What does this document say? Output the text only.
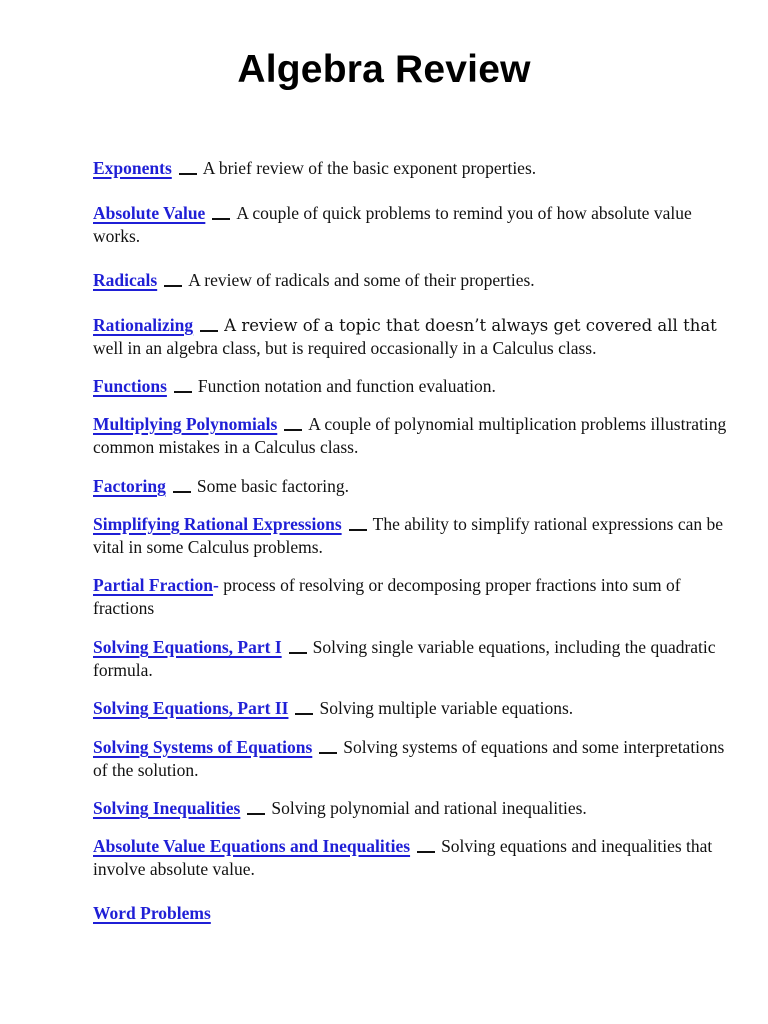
Algebra Review
Exponents A brief review of the basic exponent properties.
Absolute Value A couple of quick problems to remind you of how absolute value works.
Radicals A review of radicals and some of their properties.
Rationalizing A review of a topic that doesn’t always get covered all that
well in an algebra class, but is required occasionally in a Calculus class.
Functions Function notation and function evaluation.
Multiplying Polynomials A couple of polynomial multiplication problems illustrating common mistakes in a Calculus class.
Factoring Some basic factoring.
Simplifying Rational Expressions The ability to simplify rational expressions can be vital in some Calculus problems.
Partial Fraction- process of resolving or decomposing proper fractions into sum of fractions
Solving Equations, Part I Solving single variable equations, including the quadratic formula.
Solving Equations, Part II Solving multiple variable equations.
Solving Systems of Equations Solving systems of equations and some interpretations of the solution.
Solving Inequalities Solving polynomial and rational inequalities.
Absolute Value Equations and Inequalities Solving equations and inequalities that involve absolute value.
Word Problems
